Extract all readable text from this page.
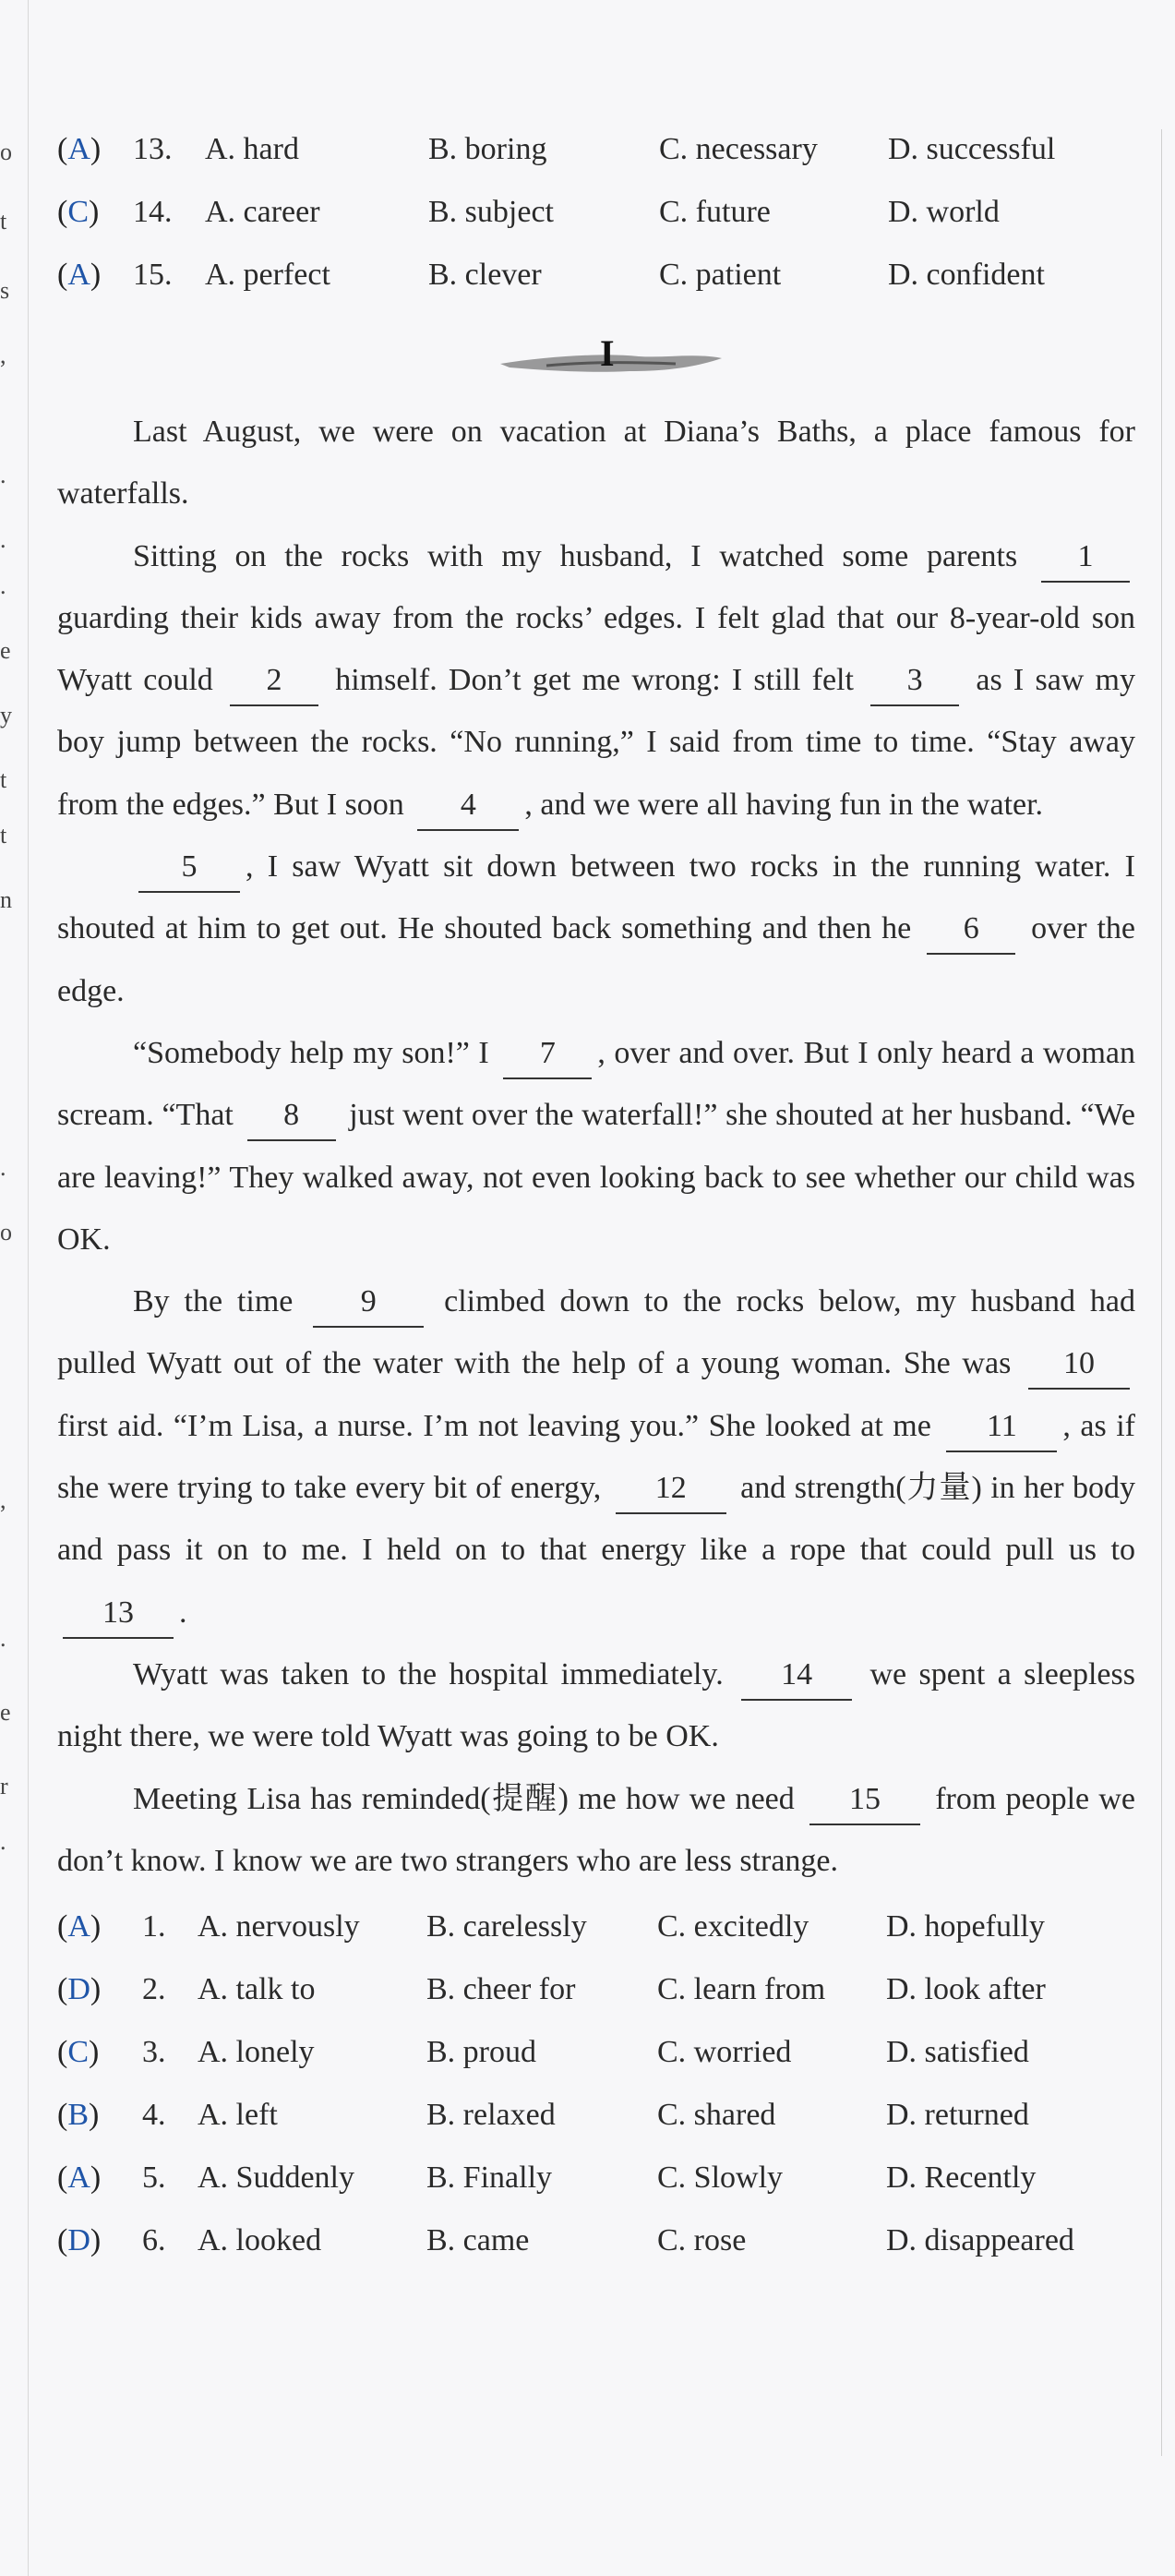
o
t
s
,
.
.
.
e
y
t
t
n
.
o
,
.
e
r
.
(A) 13. A. hard	B. boring	C. necessary D. successful
(C) 14. A. career	B. subject	C. future	D. world
(A) 15. A. perfect	B. clever	C. patient	D. confident
I

Last August, we were on vacation at Diana’s Baths, a place famous for waterfalls.

Sitting on the rocks with my husband, I watched some parents 1 guarding their kids away from the rocks’ edges. I felt glad that our 8-year-old son Wyatt could 2 himself. Don’t get me wrong: I still felt 3 as I saw my boy jump between the rocks. “No running,” I said from time to time. “Stay away from the edges.” But I soon 4 , and we were all having fun in the water.

5 , I saw Wyatt sit down between two rocks in the running water. I shouted at him to get out. He shouted back something and then he 6 over the edge.

“Somebody help my son!” I 7 , over and over. But I only heard a woman scream. “That 8 just went over the waterfall!” she shouted at her husband. “We are leaving!” They walked away, not even looking back to see whether our child was OK.

By the time 9 climbed down to the rocks below, my husband had pulled Wyatt out of the water with the help of a young woman. She was 10 first aid. “I’m Lisa, a nurse. I’m not leaving you.” She looked at me 11 , as if she were trying to take every bit of energy, 12 and strength(力量) in her body and pass it on to me. I held on to that energy like a rope that could pull us to 13 .

Wyatt was taken to the hospital immediately. 14 we spent a sleepless night there, we were told Wyatt was going to be OK.

Meeting Lisa has reminded(提醒) me how we need 15 from people we don’t know. I know we are two strangers who are less strange.

(A) 1. A. nervously B. carelessly C. excitedly D. hopefully
(D) 2. A. talk to	B. cheer for	C. learn from D. look after
(C) 3. A. lonely	B. proud	C. worried	D. satisfied
(B) 4. A. left	B. relaxed	C. shared	D. returned
(A) 5. A. Suddenly B. Finally	C. Slowly	D. Recently
(D) 6. A. looked	B. came	C. rose	D. disappeared
